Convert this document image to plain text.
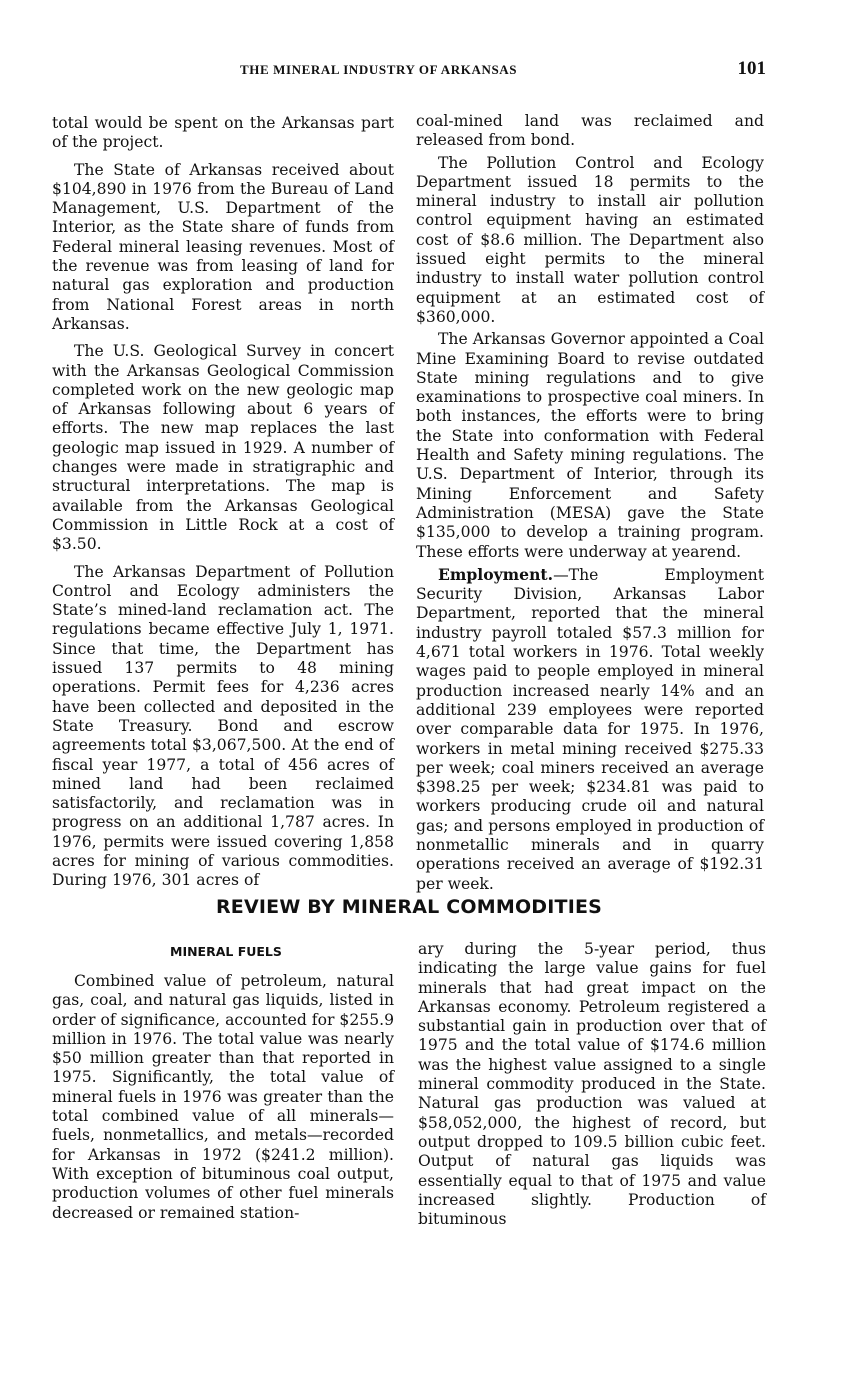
THE MINERAL INDUSTRY OF ARKANSAS	101

total would be spent on the Arkansas part of the project.

The State of Arkansas received about $104,890 in 1976 from the Bureau of Land Management, U.S. Department of the Interior, as the State share of funds from Federal mineral leasing revenues. Most of the revenue was from leasing of land for natural gas exploration and production from National Forest areas in north Arkansas.

The U.S. Geological Survey in concert with the Arkansas Geological Commission completed work on the new geologic map of Arkansas following about 6 years of efforts. The new map replaces the last geologic map issued in 1929. A number of changes were made in stratigraphic and structural interpretations. The map is available from the Arkansas Geological Commission in Little Rock at a cost of $3.50.

The Arkansas Department of Pollution Control and Ecology administers the State’s mined-land reclamation act. The regulations became effective July 1, 1971. Since that time, the Department has issued 137 permits to 48 mining operations. Permit fees for 4,236 acres have been collected and deposited in the State Treasury. Bond and escrow agreements total $3,067,500. At the end of fiscal year 1977, a total of 456 acres of mined land had been reclaimed satisfactorily, and reclamation was in progress on an additional 1,787 acres. In 1976, permits were issued covering 1,858 acres for mining of various commodities. During 1976, 301 acres of

coal-mined land was reclaimed and released from bond.

The Pollution Control and Ecology Department issued 18 permits to the mineral industry to install air pollution control equipment having an estimated cost of $8.6 million. The Department also issued eight permits to the mineral industry to install water pollution control equipment at an estimated cost of $360,000.

The Arkansas Governor appointed a Coal Mine Examining Board to revise outdated State mining regulations and to give examinations to prospective coal miners. In both instances, the efforts were to bring the State into conformation with Federal Health and Safety mining regulations. The U.S. Department of Interior, through its Mining Enforcement and Safety Administration (MESA) gave the State $135,000 to develop a training program. These efforts were underway at yearend.

Employment.—The Employment Security Division, Arkansas Labor Department, reported that the mineral industry payroll totaled $57.3 million for 4,671 total workers in 1976. Total weekly wages paid to people employed in mineral production increased nearly 14% and an additional 239 employees were reported over comparable data for 1975. In 1976, workers in metal mining received $275.33 per week; coal miners received an average $398.25 per week; $234.81 was paid to workers producing crude oil and natural gas; and persons employed in production of nonmetallic minerals and in quarry operations received an average of $192.31 per week.

REVIEW BY MINERAL COMMODITIES
MINERAL FUELS

Combined value of petroleum, natural gas, coal, and natural gas liquids, listed in order of significance, accounted for $255.9 million in 1976. The total value was nearly $50 million greater than that reported in 1975. Significantly, the total value of mineral fuels in 1976 was greater than the total combined value of all minerals—fuels, nonmetallics, and metals—recorded for Arkansas in 1972 ($241.2 million). With exception of bituminous coal output, production volumes of other fuel minerals decreased or remained station-

ary during the 5-year period, thus indicating the large value gains for fuel minerals that had great impact on the Arkansas economy. Petroleum registered a substantial gain in production over that of 1975 and the total value of $174.6 million was the highest value assigned to a single mineral commodity produced in the State. Natural gas production was valued at $58,052,000, the highest of record, but output dropped to 109.5 billion cubic feet. Output of natural gas liquids was essentially equal to that of 1975 and value increased slightly. Production of bituminous
